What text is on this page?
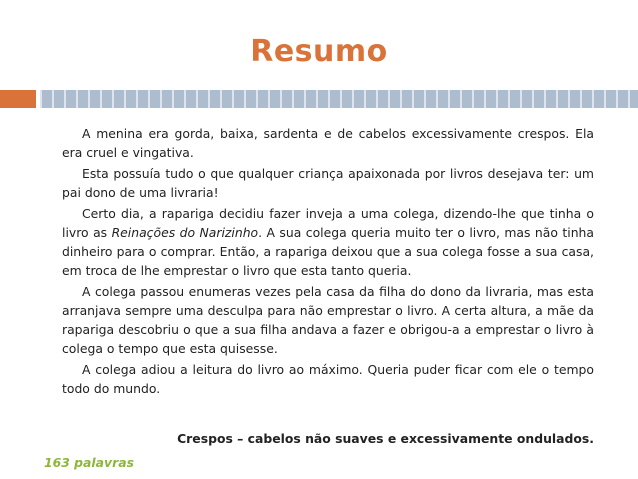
Resumo

A menina era gorda, baixa, sardenta e de cabelos excessivamente crespos. Ela era cruel e vingativa.

Esta possuía tudo o que qualquer criança apaixonada por livros desejava ter: um pai dono de uma livraria!

Certo dia, a rapariga decidiu fazer inveja a uma colega, dizendo-lhe que tinha o livro as Reinações do Narizinho. A sua colega queria muito ter o livro, mas não tinha dinheiro para o comprar. Então, a rapariga deixou que a sua colega fosse a sua casa, em troca de lhe emprestar o livro que esta tanto queria.

A colega passou enumeras vezes pela casa da filha do dono da livraria, mas esta arranjava sempre uma desculpa para não emprestar o livro. A certa altura, a mãe da rapariga descobriu o que a sua filha andava a fazer e obrigou-a a emprestar o livro à colega o tempo que esta quisesse.

A colega adiou a leitura do livro ao máximo. Queria puder ficar com ele o tempo todo do mundo.

Crespos – cabelos não suaves e excessivamente ondulados.
163 palavras
